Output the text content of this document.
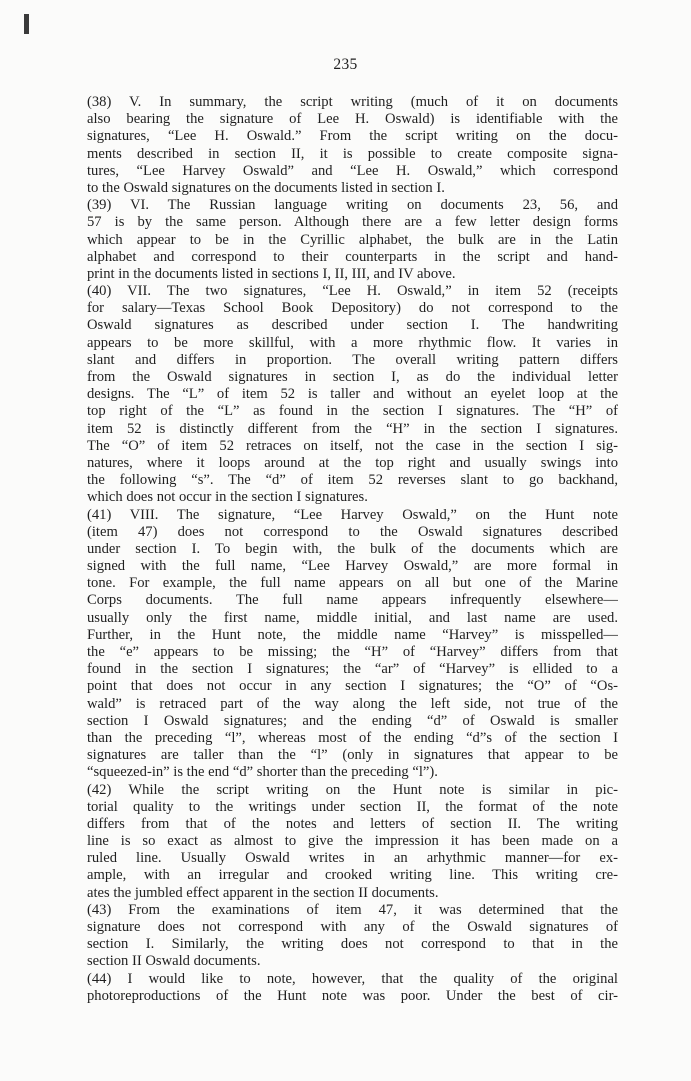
235
(38) V. In summary, the script writing (much of it on documents
also bearing the signature of Lee H. Oswald) is identifiable with the
signatures, “Lee H. Oswald.” From the script writing on the docu-
ments described in section II, it is possible to create composite signa-
tures, “Lee Harvey Oswald” and “Lee H. Oswald,” which correspond
to the Oswald signatures on the documents listed in section I.
(39) VI. The Russian language writing on documents 23, 56, and
57 is by the same person. Although there are a few letter design forms
which appear to be in the Cyrillic alphabet, the bulk are in the Latin
alphabet and correspond to their counterparts in the script and hand-
print in the documents listed in sections I, II, III, and IV above.
(40) VII. The two signatures, “Lee H. Oswald,” in item 52 (receipts
for salary—Texas School Book Depository) do not correspond to the
Oswald signatures as described under section I. The handwriting
appears to be more skillful, with a more rhythmic flow. It varies in
slant and differs in proportion. The overall writing pattern differs
from the Oswald signatures in section I, as do the individual letter
designs. The “L” of item 52 is taller and without an eyelet loop at the
top right of the “L” as found in the section I signatures. The “H” of
item 52 is distinctly different from the “H” in the section I signatures.
The “O” of item 52 retraces on itself, not the case in the section I sig-
natures, where it loops around at the top right and usually swings into
the following “s”. The “d” of item 52 reverses slant to go backhand,
which does not occur in the section I signatures.
(41) VIII. The signature, “Lee Harvey Oswald,” on the Hunt note
(item 47) does not correspond to the Oswald signatures described
under section I. To begin with, the bulk of the documents which are
signed with the full name, “Lee Harvey Oswald,” are more formal in
tone. For example, the full name appears on all but one of the Marine
Corps documents. The full name appears infrequently elsewhere—
usually only the first name, middle initial, and last name are used.
Further, in the Hunt note, the middle name “Harvey” is misspelled—
the “e” appears to be missing; the “H” of “Harvey” differs from that
found in the section I signatures; the “ar” of “Harvey” is ellided to a
point that does not occur in any section I signatures; the “O” of “Os-
wald” is retraced part of the way along the left side, not true of the
section I Oswald signatures; and the ending “d” of Oswald is smaller
than the preceding “l”, whereas most of the ending “d”s of the section I
signatures are taller than the “l” (only in signatures that appear to be
“squeezed-in” is the end “d” shorter than the preceding “l”).
(42) While the script writing on the Hunt note is similar in pic-
torial quality to the writings under section II, the format of the note
differs from that of the notes and letters of section II. The writing
line is so exact as almost to give the impression it has been made on a
ruled line. Usually Oswald writes in an arhythmic manner—for ex-
ample, with an irregular and crooked writing line. This writing cre-
ates the jumbled effect apparent in the section II documents.
(43) From the examinations of item 47, it was determined that the
signature does not correspond with any of the Oswald signatures of
section I. Similarly, the writing does not correspond to that in the
section II Oswald documents.
(44) I would like to note, however, that the quality of the original
photoreproductions of the Hunt note was poor. Under the best of cir-
